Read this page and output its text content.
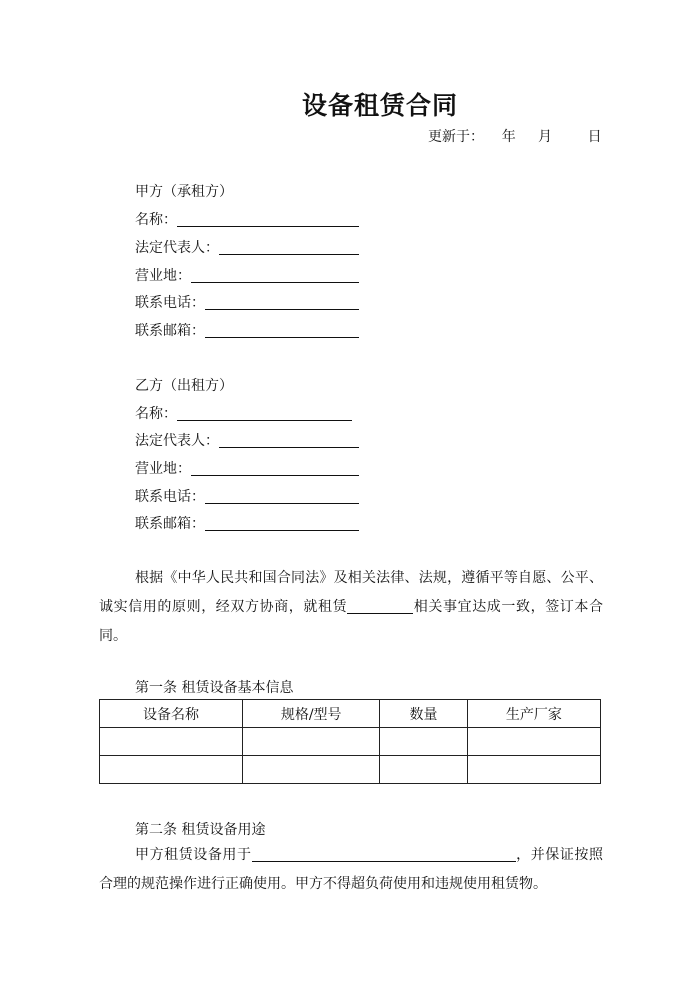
设备租赁合同
更新于：    年     月        日
甲方（承租方）
名称：
法定代表人：
营业地：
联系电话：
联系邮箱：
乙方（出租方）
名称：
法定代表人：
营业地：
联系电话：
联系邮箱：
根据《中华人民共和国合同法》及相关法律、法规，遵循平等自愿、公平、诚实信用的原则，经双方协商，就租赁	相关事宜达成一致，签订本合同。
第一条 租赁设备基本信息
设备名称	规格/型号	数量	生产厂家

第二条 租赁设备用途
甲方租赁设备用于	，并保证按照合理的规范操作进行正确使用。甲方不得超负荷使用和违规使用租赁物。
